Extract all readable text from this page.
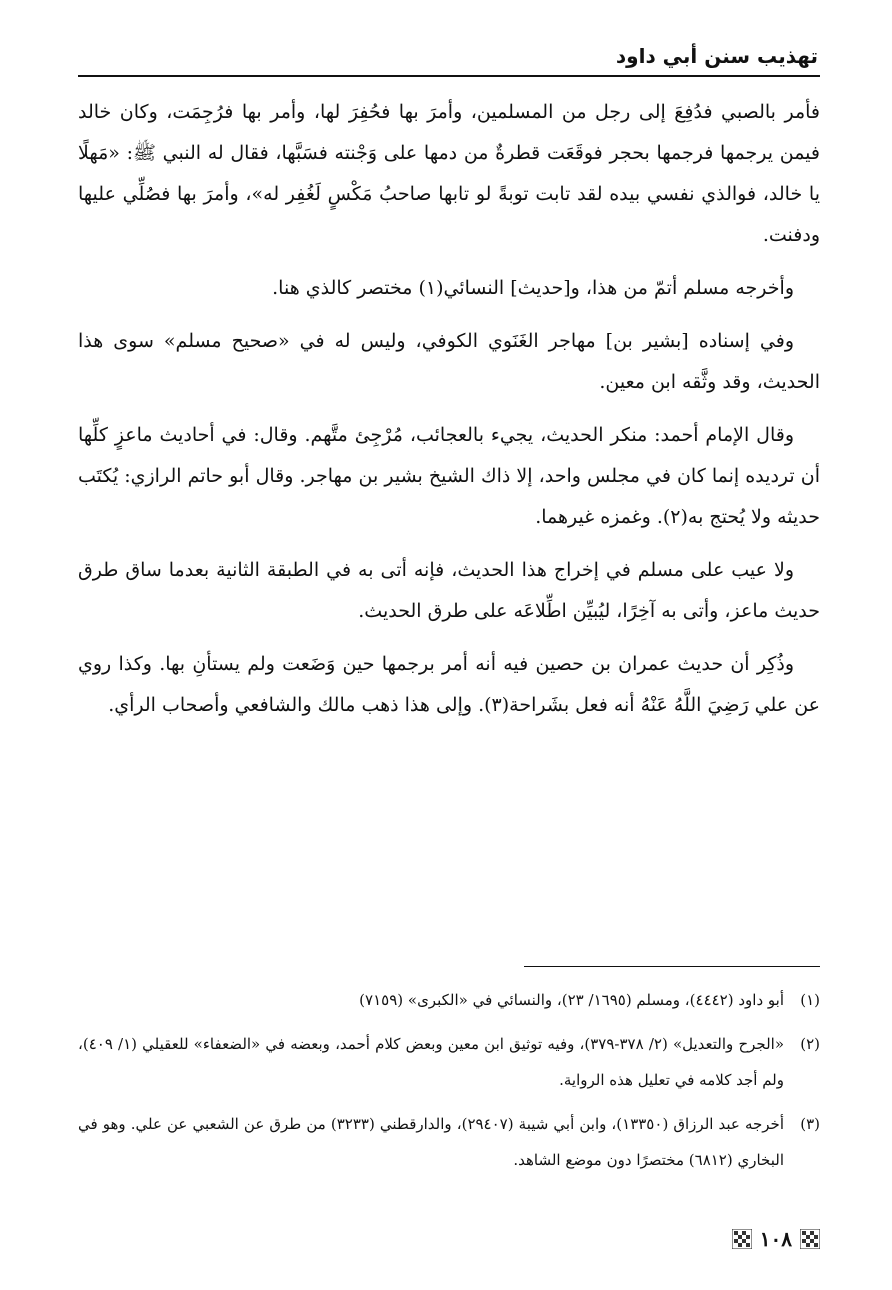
تهذيب سنن أبي داود

فأمر بالصبي فدُفِعَ إلى رجل من المسلمين، وأمرَ بها فحُفِرَ لها، وأمر بها فرُجِمَت، وكان خالد فيمن يرجمها فرجمها بحجر فوقَعَت قطرةٌ من دمها على وَجْنته فسَبَّها، فقال له النبي ﷺ: «مَهلًا يا خالد، فوالذي نفسي بيده لقد تابت توبةً لو تابها صاحبُ مَكْسٍ لَغُفِر له»، وأمرَ بها فصُلِّي عليها ودفنت.

وأخرجه مسلم أتمّ من هذا، و[حديث] النسائي(١) مختصر كالذي هنا.

وفي إسناده [بشير بن] مهاجر الغَنَوي الكوفي، وليس له في «صحيح مسلم» سوى هذا الحديث، وقد وثَّقه ابن معين.

وقال الإمام أحمد: منكر الحديث، يجيء بالعجائب، مُرْجِئ متَّهم. وقال: في أحاديث ماعزٍ كلِّها أن ترديده إنما كان في مجلس واحد، إلا ذاك الشيخ بشير بن مهاجر. وقال أبو حاتم الرازي: يُكتَب حديثه ولا يُحتج به(٢). وغمزه غيرهما.

ولا عيب على مسلم في إخراج هذا الحديث، فإنه أتى به في الطبقة الثانية بعدما ساق طرق حديث ماعز، وأتى به آخِرًا، ليُبيِّن اطِّلاعَه على طرق الحديث.

وذُكِر أن حديث عمران بن حصين فيه أنه أمر برجمها حين وَضَعت ولم يستأنِ بها. وكذا روي عن علي رَضِيَ اللَّهُ عَنْهُ أنه فعل بشَراحة(٣). وإلى هذا ذهب مالك والشافعي وأصحاب الرأي.

(١)
أبو داود (٤٤٤٢)، ومسلم (١٦٩٥/ ٢٣)، والنسائي في «الكبرى» (٧١٥٩)
(٢)
«الجرح والتعديل» (٢/ ٣٧٨-٣٧٩)، وفيه توثيق ابن معين وبعض كلام أحمد، وبعضه في «الضعفاء» للعقيلي (١/ ٤٠٩)، ولم أجد كلامه في تعليل هذه الرواية.
(٣)
أخرجه عبد الرزاق (١٣٣٥٠)، وابن أبي شيبة (٢٩٤٠٧)، والدارقطني (٣٢٣٣) من طرق عن الشعبي عن علي. وهو في البخاري (٦٨١٢) مختصرًا دون موضع الشاهد.
١٠٨
